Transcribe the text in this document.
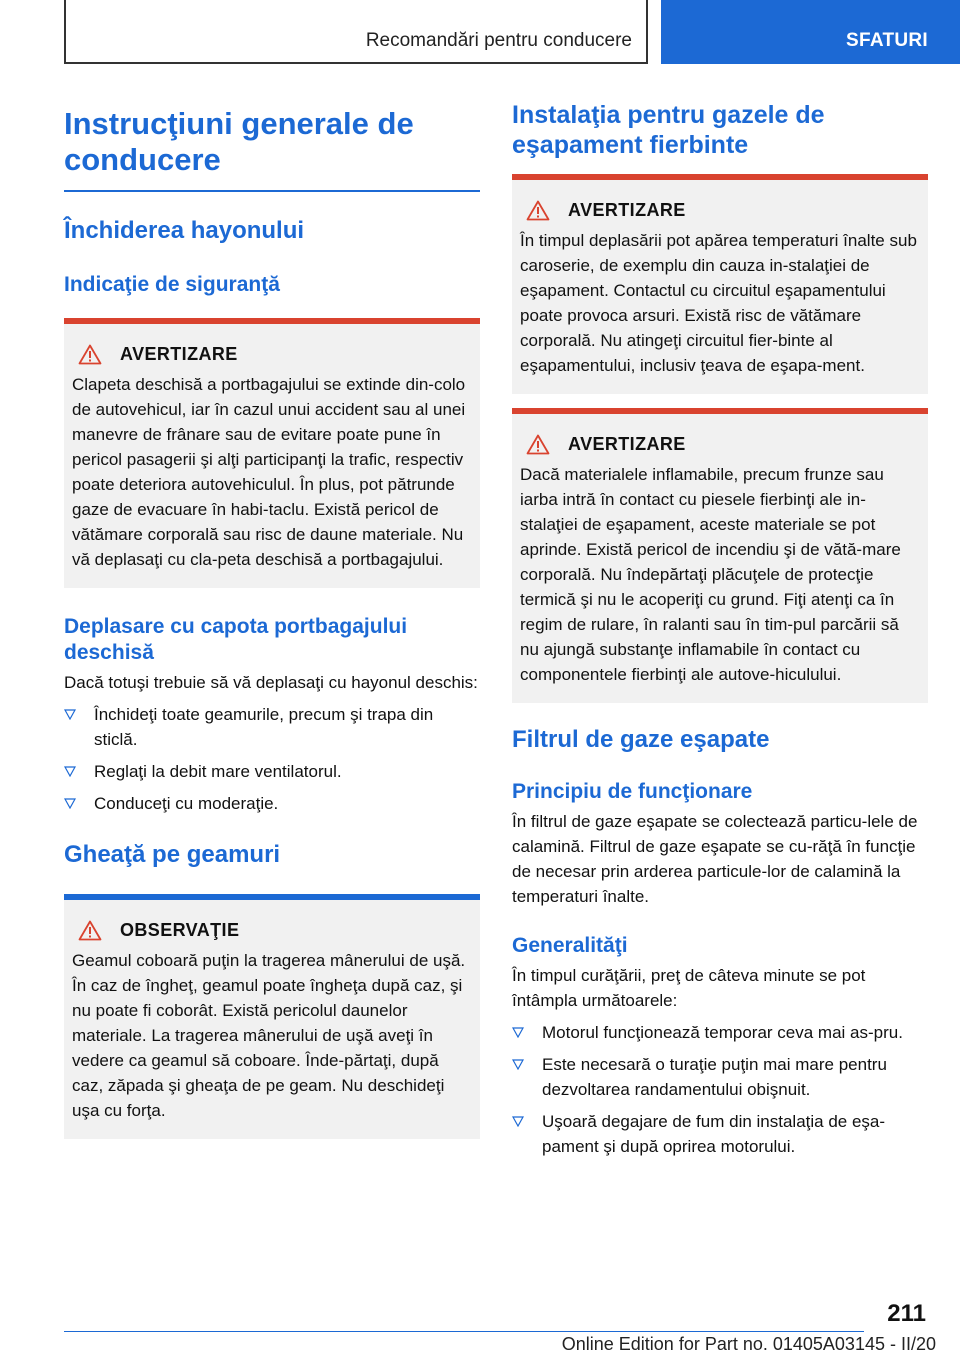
Recomandări pentru conducere	SFATURI
Instrucţiuni generale de conducere
Închiderea hayonului
Indicaţie de siguranţă
AVERTIZARE
Clapeta deschisă a portbagajului se extinde din-colo de autovehicul, iar în cazul unui accident sau al unei manevre de frânare sau de evitare poate pune în pericol pasagerii şi alţi participanţi la trafic, respectiv poate deteriora autovehiculul. În plus, pot pătrunde gaze de evacuare în habi-taclu. Există pericol de vătămare corporală sau risc de daune materiale. Nu vă deplasaţi cu cla-peta deschisă a portbagajului.
Deplasare cu capota portbagajului deschisă

Dacă totuşi trebuie să vă deplasaţi cu hayonul deschis:

Închideţi toate geamurile, precum şi trapa din sticlă.
Reglaţi la debit mare ventilatorul.
Conduceţi cu moderaţie.
Gheaţă pe geamuri
OBSERVAŢIE
Geamul coboară puţin la tragerea mânerului de uşă. În caz de îngheţ, geamul poate îngheţa după caz, şi nu poate fi coborât. Există pericolul daunelor materiale. La tragerea mânerului de uşă aveţi în vedere ca geamul să coboare. Înde-părtaţi, după caz, zăpada şi gheaţa de pe geam. Nu deschideţi uşa cu forţa.
Instalaţia pentru gazele de eşapament fierbinte
AVERTIZARE
În timpul deplasării pot apărea temperaturi înalte sub caroserie, de exemplu din cauza in-stalaţiei de eşapament. Contactul cu circuitul eşapamentului poate provoca arsuri. Există risc de vătămare corporală. Nu atingeţi circuitul fier-binte al eşapamentului, inclusiv ţeava de eşapa-ment.
AVERTIZARE
Dacă materialele inflamabile, precum frunze sau iarba intră în contact cu piesele fierbinţi ale in-stalaţiei de eşapament, aceste materiale se pot aprinde. Există pericol de incendiu şi de vătă-mare corporală. Nu îndepărtaţi plăcuţele de protecţie termică şi nu le acoperiţi cu grund. Fiţi atenţi ca în regim de rulare, în ralanti sau în tim-pul parcării să nu ajungă substanţe inflamabile în contact cu componentele fierbinţi ale autove-hiculului.
Filtrul de gaze eşapate
Principiu de funcţionare

În filtrul de gaze eşapate se colectează particu-lele de calamină. Filtrul de gaze eşapate se cu-răţă în funcţie de necesar prin arderea particule-lor de calamină la temperaturi înalte.

Generalităţi

În timpul curăţării, preţ de câteva minute se pot întâmpla următoarele:

Motorul funcţionează temporar ceva mai as-pru.
Este necesară o turaţie puţin mai mare pentru dezvoltarea randamentului obişnuit.
Uşoară degajare de fum din instalaţia de eşa-pament şi după oprirea motorului.
211
Online Edition for Part no. 01405A03145 - II/20
